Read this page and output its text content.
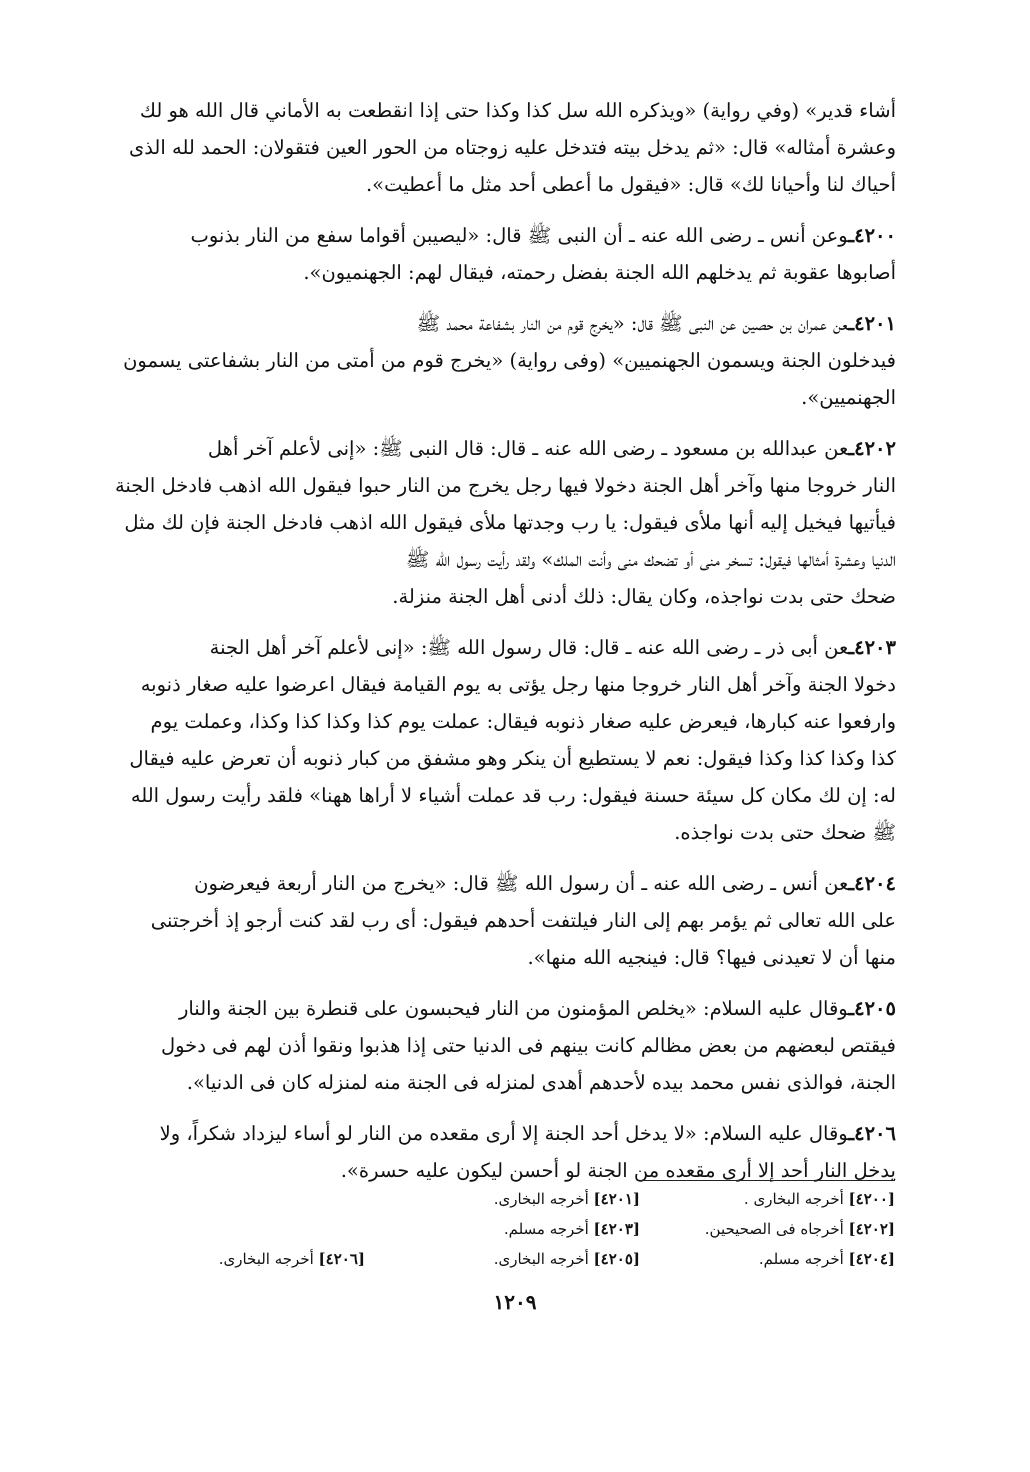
أشاء قدير» (وفي رواية) «ويذكره الله سل كذا وكذا حتى إذا انقطعت به الأماني قال الله هو لك

وعشرة أمثاله» قال: «ثم يدخل بيته فتدخل عليه زوجتاه من الحور العين فتقولان: الحمد لله الذى

أحياك لنا وأحيانا لك» قال: «فيقول ما أعطى أحد مثل ما أعطيت».

٤٢٠٠ـوعن أنس ـ رضى الله عنه ـ أن النبى ﷺ قال: «ليصيبن أقواما سفع من النار بذنوب

أصابوها عقوبة ثم يدخلهم الله الجنة بفضل رحمته، فيقال لهم: الجهنميون».

٤٢٠١ـعن عمران بن حصين عن النبى ﷺ قال: «يخرج قوم من النار بشفاعة محمد ﷺ

فيدخلون الجنة ويسمون الجهنميين» (وفى رواية) «يخرج قوم من أمتى من النار بشفاعتى يسمون

الجهنميين».

٤٢٠٢ـعن عبدالله بن مسعود ـ رضى الله عنه ـ قال: قال النبى ﷺ: «إنى لأعلم آخر أهل

النار خروجا منها وآخر أهل الجنة دخولا فيها رجل يخرج من النار حبوا فيقول الله اذهب فادخل الجنة

فيأتيها فيخيل إليه أنها ملأى فيقول: يا رب وجدتها ملأى فيقول الله اذهب فادخل الجنة فإن لك مثل

الدنيا وعشرة أمثالها فيقول: تسخر منى أو تضحك منى وأنت الملك» ولقد رأيت رسول الله ﷺ

ضحك حتى بدت نواجذه، وكان يقال: ذلك أدنى أهل الجنة منزلة.

٤٢٠٣ـعن أبى ذر ـ رضى الله عنه ـ قال: قال رسول الله ﷺ: «إنى لأعلم آخر أهل الجنة

دخولا الجنة وآخر أهل النار خروجا منها رجل يؤتى به يوم القيامة فيقال اعرضوا عليه صغار ذنوبه

وارفعوا عنه كبارها، فيعرض عليه صغار ذنوبه فيقال: عملت يوم كذا وكذا كذا وكذا، وعملت يوم

كذا وكذا كذا وكذا فيقول: نعم لا يستطيع أن ينكر وهو مشفق من كبار ذنوبه أن تعرض عليه فيقال

له: إن لك مكان كل سيئة حسنة فيقول: رب قد عملت أشياء لا أراها ههنا» فلقد رأيت رسول الله

ﷺ ضحك حتى بدت نواجذه.

٤٢٠٤ـعن أنس ـ رضى الله عنه ـ أن رسول الله ﷺ قال: «يخرج من النار أربعة فيعرضون

على الله تعالى ثم يؤمر بهم إلى النار فيلتفت أحدهم فيقول: أى رب لقد كنت أرجو إذ أخرجتنى

منها أن لا تعيدنى فيها؟ قال: فينجيه الله منها».

٤٢٠٥ـوقال عليه السلام: «يخلص المؤمنون من النار فيحبسون على قنطرة بين الجنة والنار

فيقتص لبعضهم من بعض مظالم كانت بينهم فى الدنيا حتى إذا هذبوا ونقوا أذن لهم فى دخول

الجنة، فوالذى نفس محمد بيده لأحدهم أهدى لمنزله فى الجنة منه لمنزله كان فى الدنيا».

٤٢٠٦ـوقال عليه السلام: «لا يدخل أحد الجنة إلا أرى مقعده من النار لو أساء ليزداد شكراً، ولا

يدخل النار أحد إلا أرى مقعده من الجنة لو أحسن ليكون عليه حسرة».

[٤٢٠٠] أخرجه البخارى .
[٤٢٠١] أخرجه البخارى.
[٤٢٠٢] أخرجاه فى الصحيحين.
[٤٢٠٣] أخرجه مسلم.
[٤٢٠٤] أخرجه مسلم.
[٤٢٠٥] أخرجه البخارى.
[٤٢٠٦] أخرجه البخارى.
١٢٠٩
